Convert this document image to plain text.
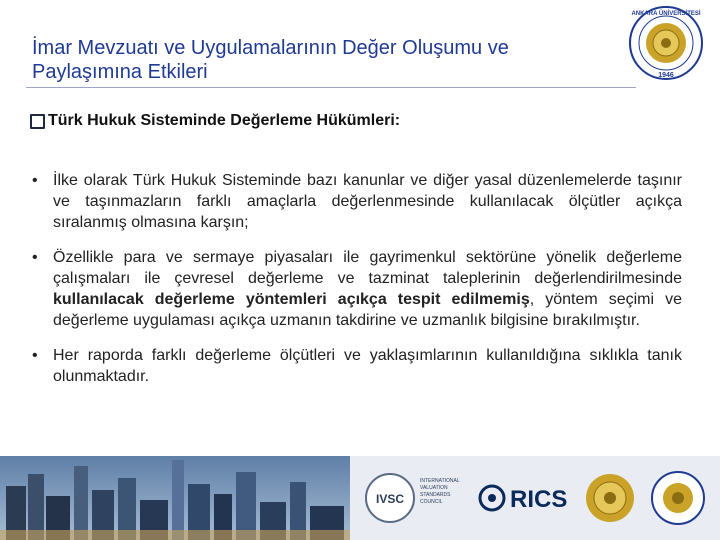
İmar Mevzuatı ve Uygulamalarının Değer Oluşumu ve
Paylaşımına Etkileri
ANKARA ÜNİVERSİTESİ
1946
Türk Hukuk Sisteminde Değerleme Hükümleri:
• İlke olarak Türk Hukuk Sisteminde bazı kanunlar ve diğer yasal düzenlemelerde taşınır ve taşınmazların farklı amaçlarla değerlenmesinde kullanılacak ölçütler açıkça sıralanmış olmasına karşın;
• Özellikle para ve sermaye piyasaları ile gayrimenkul sektörüne yönelik değerleme çalışmaları ile çevresel değerleme ve tazminat taleplerinin değerlendirilmesinde kullanılacak değerleme yöntemleri açıkça tespit edilmemiş, yöntem seçimi ve değerleme uygulaması açıkça uzmanın takdirine ve uzmanlık bilgisine bırakılmıştır.
• Her raporda farklı değerleme ölçütleri ve yaklaşımlarının kullanıldığına sıklıkla tanık olunmaktadır.
IVSC
INTERNATIONAL
VALUATION
STANDARDS
COUNCIL	RICS
